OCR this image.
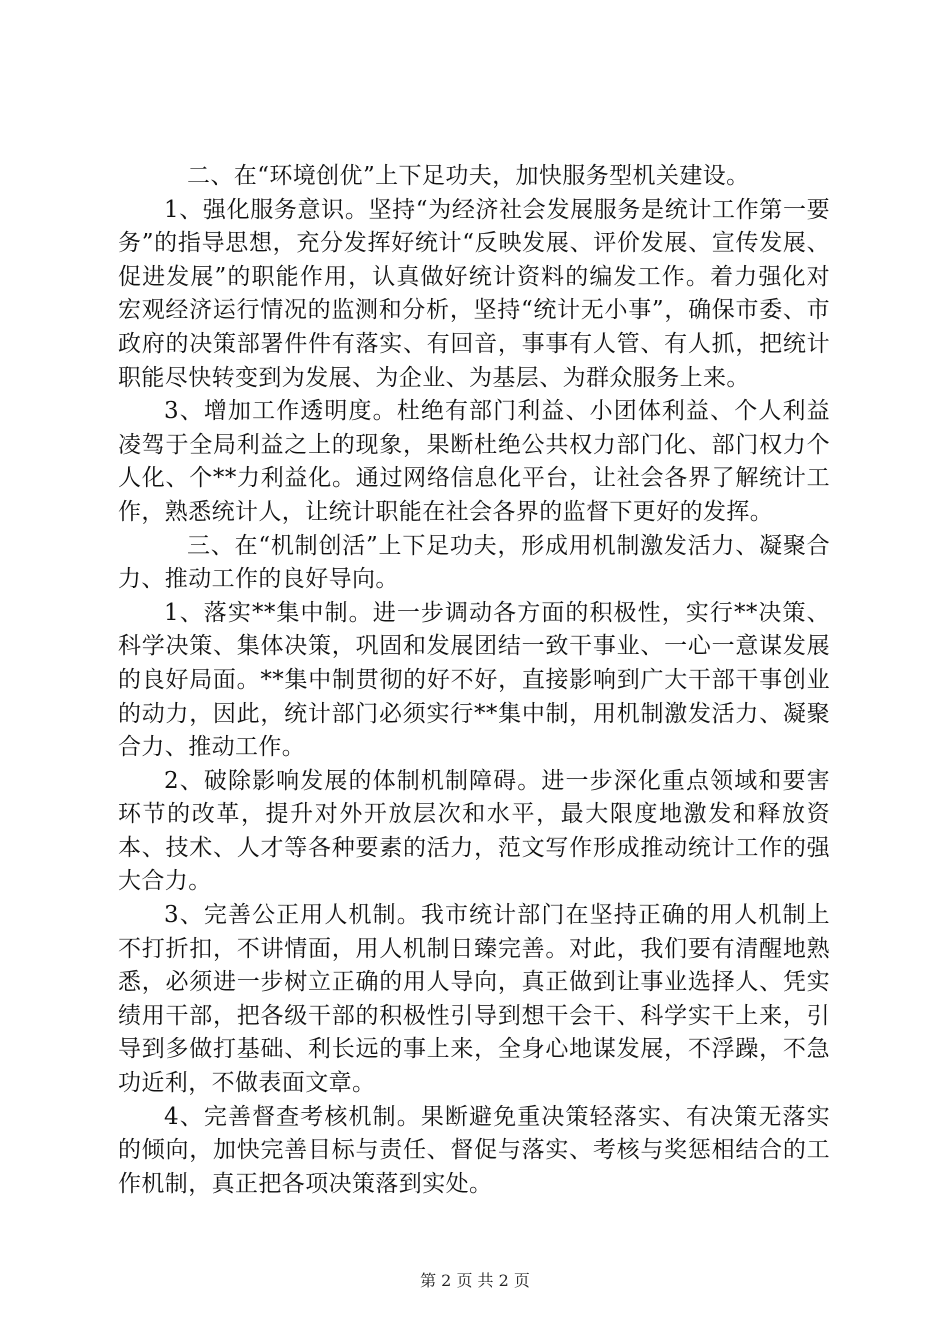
二、在“环境创优”上下足功夫，加快服务型机关建设。

1、强化服务意识。坚持“为经济社会发展服务是统计工作第一要务”的指导思想，充分发挥好统计“反映发展、评价发展、宣传发展、促进发展”的职能作用，认真做好统计资料的编发工作。着力强化对宏观经济运行情况的监测和分析，坚持“统计无小事”，确保市委、市政府的决策部署件件有落实、有回音，事事有人管、有人抓，把统计职能尽快转变到为发展、为企业、为基层、为群众服务上来。

3、增加工作透明度。杜绝有部门利益、小团体利益、个人利益凌驾于全局利益之上的现象，果断杜绝公共权力部门化、部门权力个人化、个**力利益化。通过网络信息化平台，让社会各界了解统计工作，熟悉统计人，让统计职能在社会各界的监督下更好的发挥。

三、在“机制创活”上下足功夫，形成用机制激发活力、凝聚合力、推动工作的良好导向。

1、落实**集中制。进一步调动各方面的积极性，实行**决策、科学决策、集体决策，巩固和发展团结一致干事业、一心一意谋发展的良好局面。**集中制贯彻的好不好，直接影响到广大干部干事创业的动力，因此，统计部门必须实行**集中制，用机制激发活力、凝聚合力、推动工作。

2、破除影响发展的体制机制障碍。进一步深化重点领域和要害环节的改革，提升对外开放层次和水平，最大限度地激发和释放资本、技术、人才等各种要素的活力，范文写作形成推动统计工作的强大合力。

3、完善公正用人机制。我市统计部门在坚持正确的用人机制上不打折扣，不讲情面，用人机制日臻完善。对此，我们要有清醒地熟悉，必须进一步树立正确的用人导向，真正做到让事业选择人、凭实绩用干部，把各级干部的积极性引导到想干会干、科学实干上来，引导到多做打基础、利长远的事上来，全身心地谋发展，不浮躁，不急功近利，不做表面文章。

4、完善督查考核机制。果断避免重决策轻落实、有决策无落实的倾向，加快完善目标与责任、督促与落实、考核与奖惩相结合的工作机制，真正把各项决策落到实处。

第 2 页 共 2 页
